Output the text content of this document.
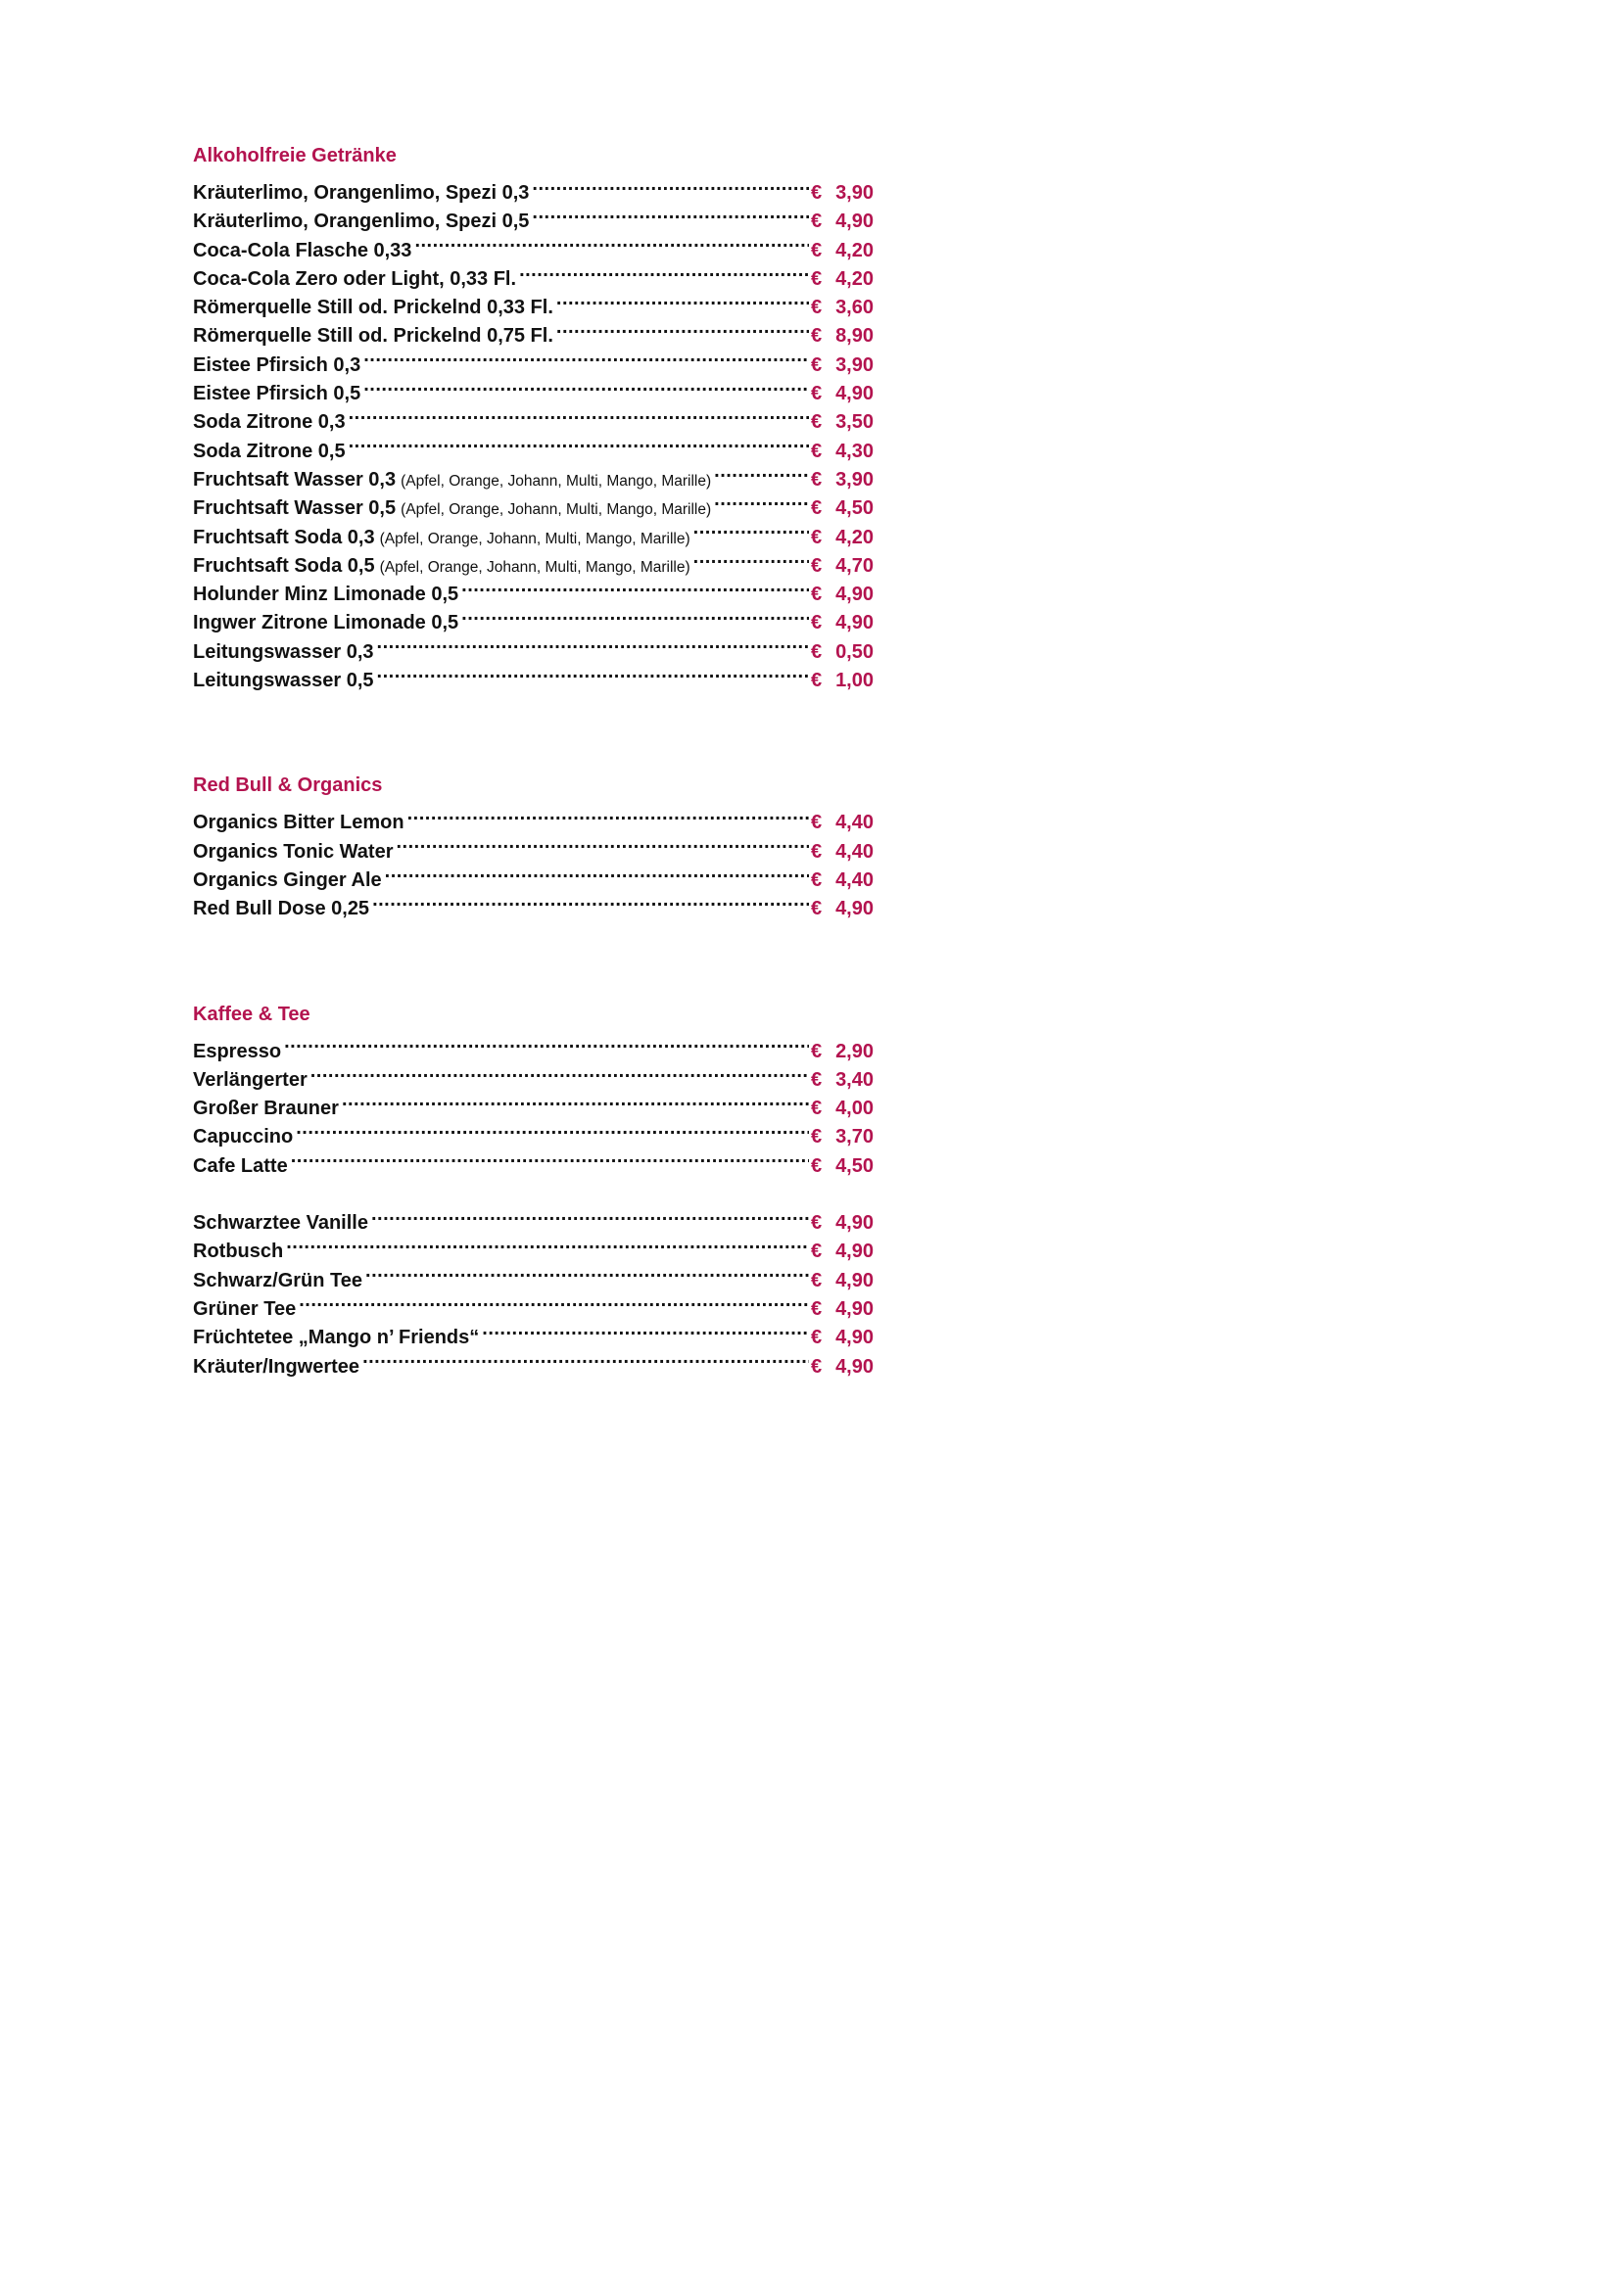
Alkoholfreie Getränke
Kräuterlimo, Orangenlimo, Spezi 0,3 .....	€ 3,90
Kräuterlimo, Orangenlimo, Spezi 0,5 .....	€ 4,90
Coca-Cola Flasche 0,33 .....	€ 4,20
Coca-Cola Zero oder Light, 0,33 Fl. .....	€ 4,20
Römerquelle Still od. Prickelnd 0,33 Fl. .....	€ 3,60
Römerquelle Still od. Prickelnd 0,75 Fl. .....	€ 8,90
Eistee Pfirsich 0,3 .....	€ 3,90
Eistee Pfirsich 0,5 .....	€ 4,90
Soda Zitrone 0,3 .....	€ 3,50
Soda Zitrone 0,5 .....	€ 4,30
Fruchtsaft Wasser 0,3 (Apfel, Orange, Johann, Multi, Mango, Marille) .....	€ 3,90
Fruchtsaft Wasser 0,5 (Apfel, Orange, Johann, Multi, Mango, Marille) .....	€ 4,50
Fruchtsaft Soda 0,3 (Apfel, Orange, Johann, Multi, Mango, Marille) .....	€ 4,20
Fruchtsaft Soda 0,5 (Apfel, Orange, Johann, Multi, Mango, Marille) .....	€ 4,70
Holunder Minz Limonade 0,5 .....	€ 4,90
Ingwer Zitrone Limonade 0,5 .....	€ 4,90
Leitungswasser 0,3 .....	€ 0,50
Leitungswasser 0,5 .....	€ 1,00
Red Bull & Organics
Organics Bitter Lemon .....	€ 4,40
Organics Tonic Water .....	€ 4,40
Organics Ginger Ale .....	€ 4,40
Red Bull Dose 0,25 .....	€ 4,90
Kaffee & Tee
Espresso .....	€ 2,90
Verlängerter .....	€ 3,40
Großer Brauner .....	€ 4,00
Capuccino .....	€ 3,70
Cafe Latte .....	€ 4,50
Schwarztee Vanille .....	€ 4,90
Rotbusch .....	€ 4,90
Schwarz/Grün Tee .....	€ 4,90
Grüner Tee .....	€ 4,90
Früchtetee „Mango n’ Friends“ .....	€ 4,90
Kräuter/Ingwertee .....	€ 4,90
